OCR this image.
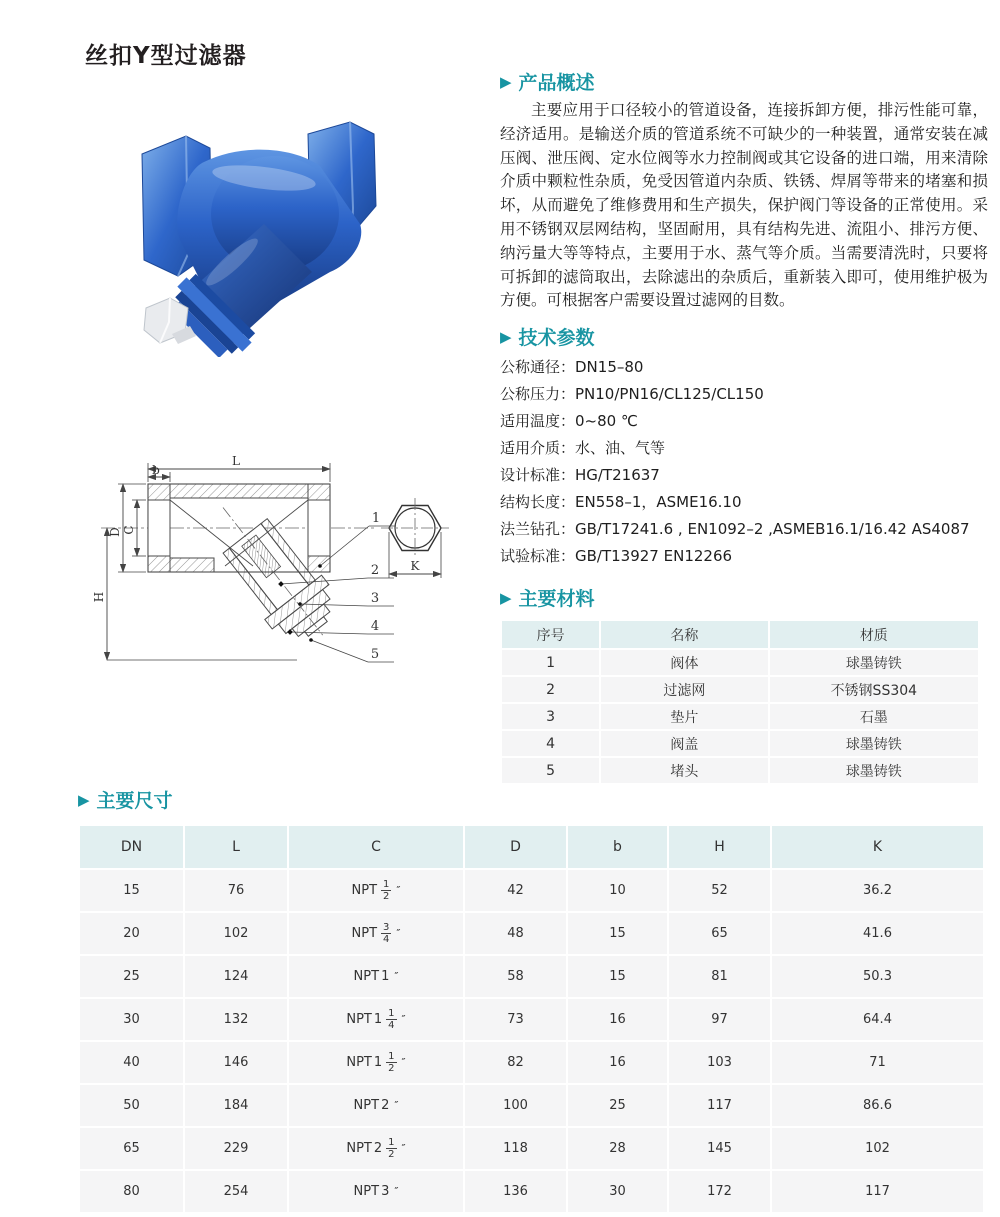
丝扣Y型过滤器
L
b
D C
H
K
1
2
3
4
5
▶ 产品概述

主要应用于口径较小的管道设备，连接拆卸方便，排污性能可靠，经济适用。是输送介质的管道系统不可缺少的一种装置，通常安装在减压阀、泄压阀、定水位阀等水力控制阀或其它设备的进口端，用来清除介质中颗粒性杂质，免受因管道内杂质、铁锈、焊屑等带来的堵塞和损坏，从而避免了维修费用和生产损失，保护阀门等设备的正常使用。采用不锈钢双层网结构，坚固耐用，具有结构先进、流阻小、排污方便、纳污量大等等特点，主要用于水、蒸气等介质。当需要清洗时，只要将可拆卸的滤筒取出，去除滤出的杂质后，重新装入即可，使用维护极为方便。可根据客户需要设置过滤网的目数。

▶ 技术参数
公称通径：DN15–80
公称压力：PN10/PN16/CL125/CL150
适用温度：0~80 ℃
适用介质：水、油、气等
设计标准：HG/T21637
结构长度：EN558–1，ASME16.10
法兰钻孔：GB/T17241.6 , EN1092–2 ,ASMEB16.1/16.42 AS4087
试验标准：GB/T13927 EN12266
▶ 主要材料
序号	名称	材质
1	阀体	球墨铸铁
2	过滤网	不锈钢SS304
3	垫片	石墨
4	阀盖	球墨铸铁
5	堵头	球墨铸铁
▶ 主要尺寸
DN	L	C	D	b	H	K
15	76	NPT $\frac{1}{2}$ ″	42	10	52	36.2
20	102	NPT $\frac{3}{4}$ ″	48	15	65	41.6
25	124	NPT 1 ″	58	15	81	50.3
30	132	NPT $1 \frac{1}{4}$ ″	73	16	97	64.4
40	146	NPT $1 \frac{1}{2}$ ″	82	16	103	71
50	184	NPT 2 ″	100	25	117	86.6
65	229	NPT $2 \frac{1}{2}$ ″	118	28	145	102
80	254	NPT 3 ″	136	30	172	117
